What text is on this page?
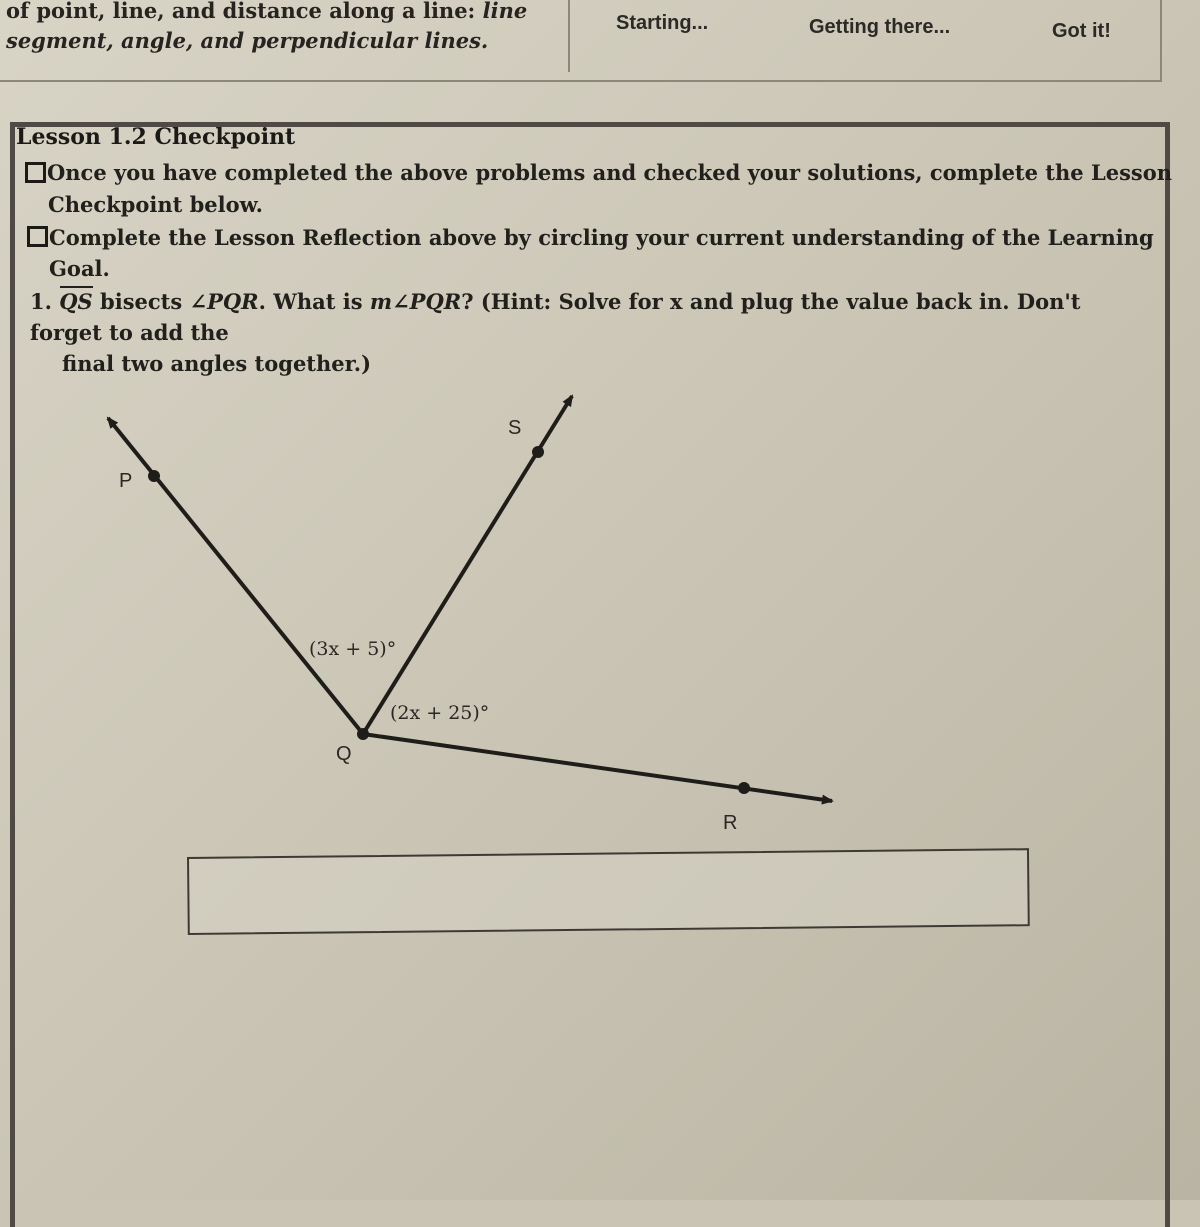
of point, line, and distance along a line: line
segment, angle, and perpendicular lines.
Starting...	Getting there...	Got it!
Lesson 1.2 Checkpoint
Once you have completed the above problems and checked your solutions, complete the Lesson
Checkpoint below.
Complete the Lesson Reflection above by circling your current understanding of the Learning Goal.
1. QS bisects ∠PQR. What is m∠PQR? (Hint: Solve for x and plug the value back in. Don't forget to add the
final two angles together.)
P
S
Q
R
(3x + 5)°
(2x + 25)°
